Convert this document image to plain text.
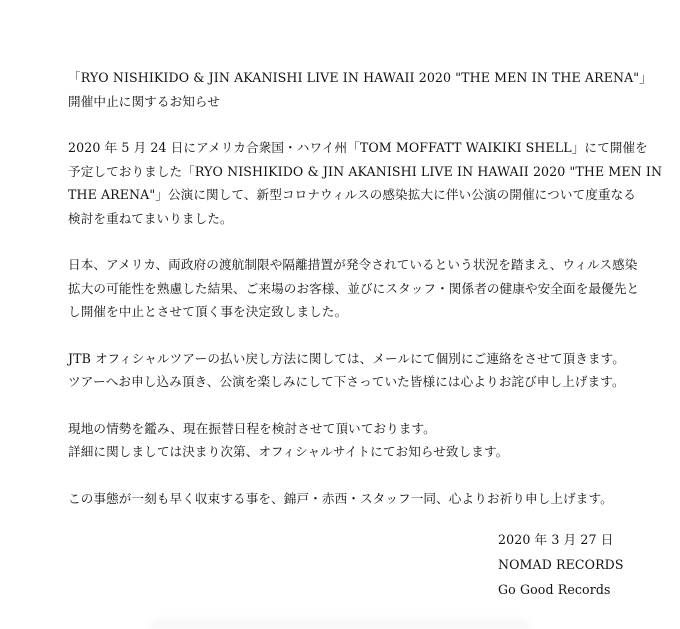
「RYO NISHIKIDO & JIN AKANISHI LIVE IN HAWAII 2020 "THE MEN IN THE ARENA"」
開催中止に関するお知らせ
2020 年 5 月 24 日にアメリカ合衆国・ハワイ州「TOM MOFFATT WAIKIKI SHELL」にて開催を
予定しておりました「RYO NISHIKIDO & JIN AKANISHI LIVE IN HAWAII 2020 "THE MEN IN
THE ARENA"」公演に関して、新型コロナウィルスの感染拡大に伴い公演の開催について度重なる
検討を重ねてまいりました。
日本、アメリカ、両政府の渡航制限や隔離措置が発令されているという状況を踏まえ、ウィルス感染
拡大の可能性を熟慮した結果、ご来場のお客様、並びにスタッフ・関係者の健康や安全面を最優先と
し開催を中止とさせて頂く事を決定致しました。
JTB オフィシャルツアーの払い戻し方法に関しては、メールにて個別にご連絡をさせて頂きます。
ツアーへお申し込み頂き、公演を楽しみにして下さっていた皆様には心よりお詫び申し上げます。
現地の情勢を鑑み、現在振替日程を検討させて頂いております。
詳細に関しましては決まり次第、オフィシャルサイトにてお知らせ致します。
この事態が一刻も早く収束する事を、錦戸・赤西・スタッフ一同、心よりお祈り申し上げます。
2020 年 3 月 27 日
NOMAD RECORDS
Go Good Records
